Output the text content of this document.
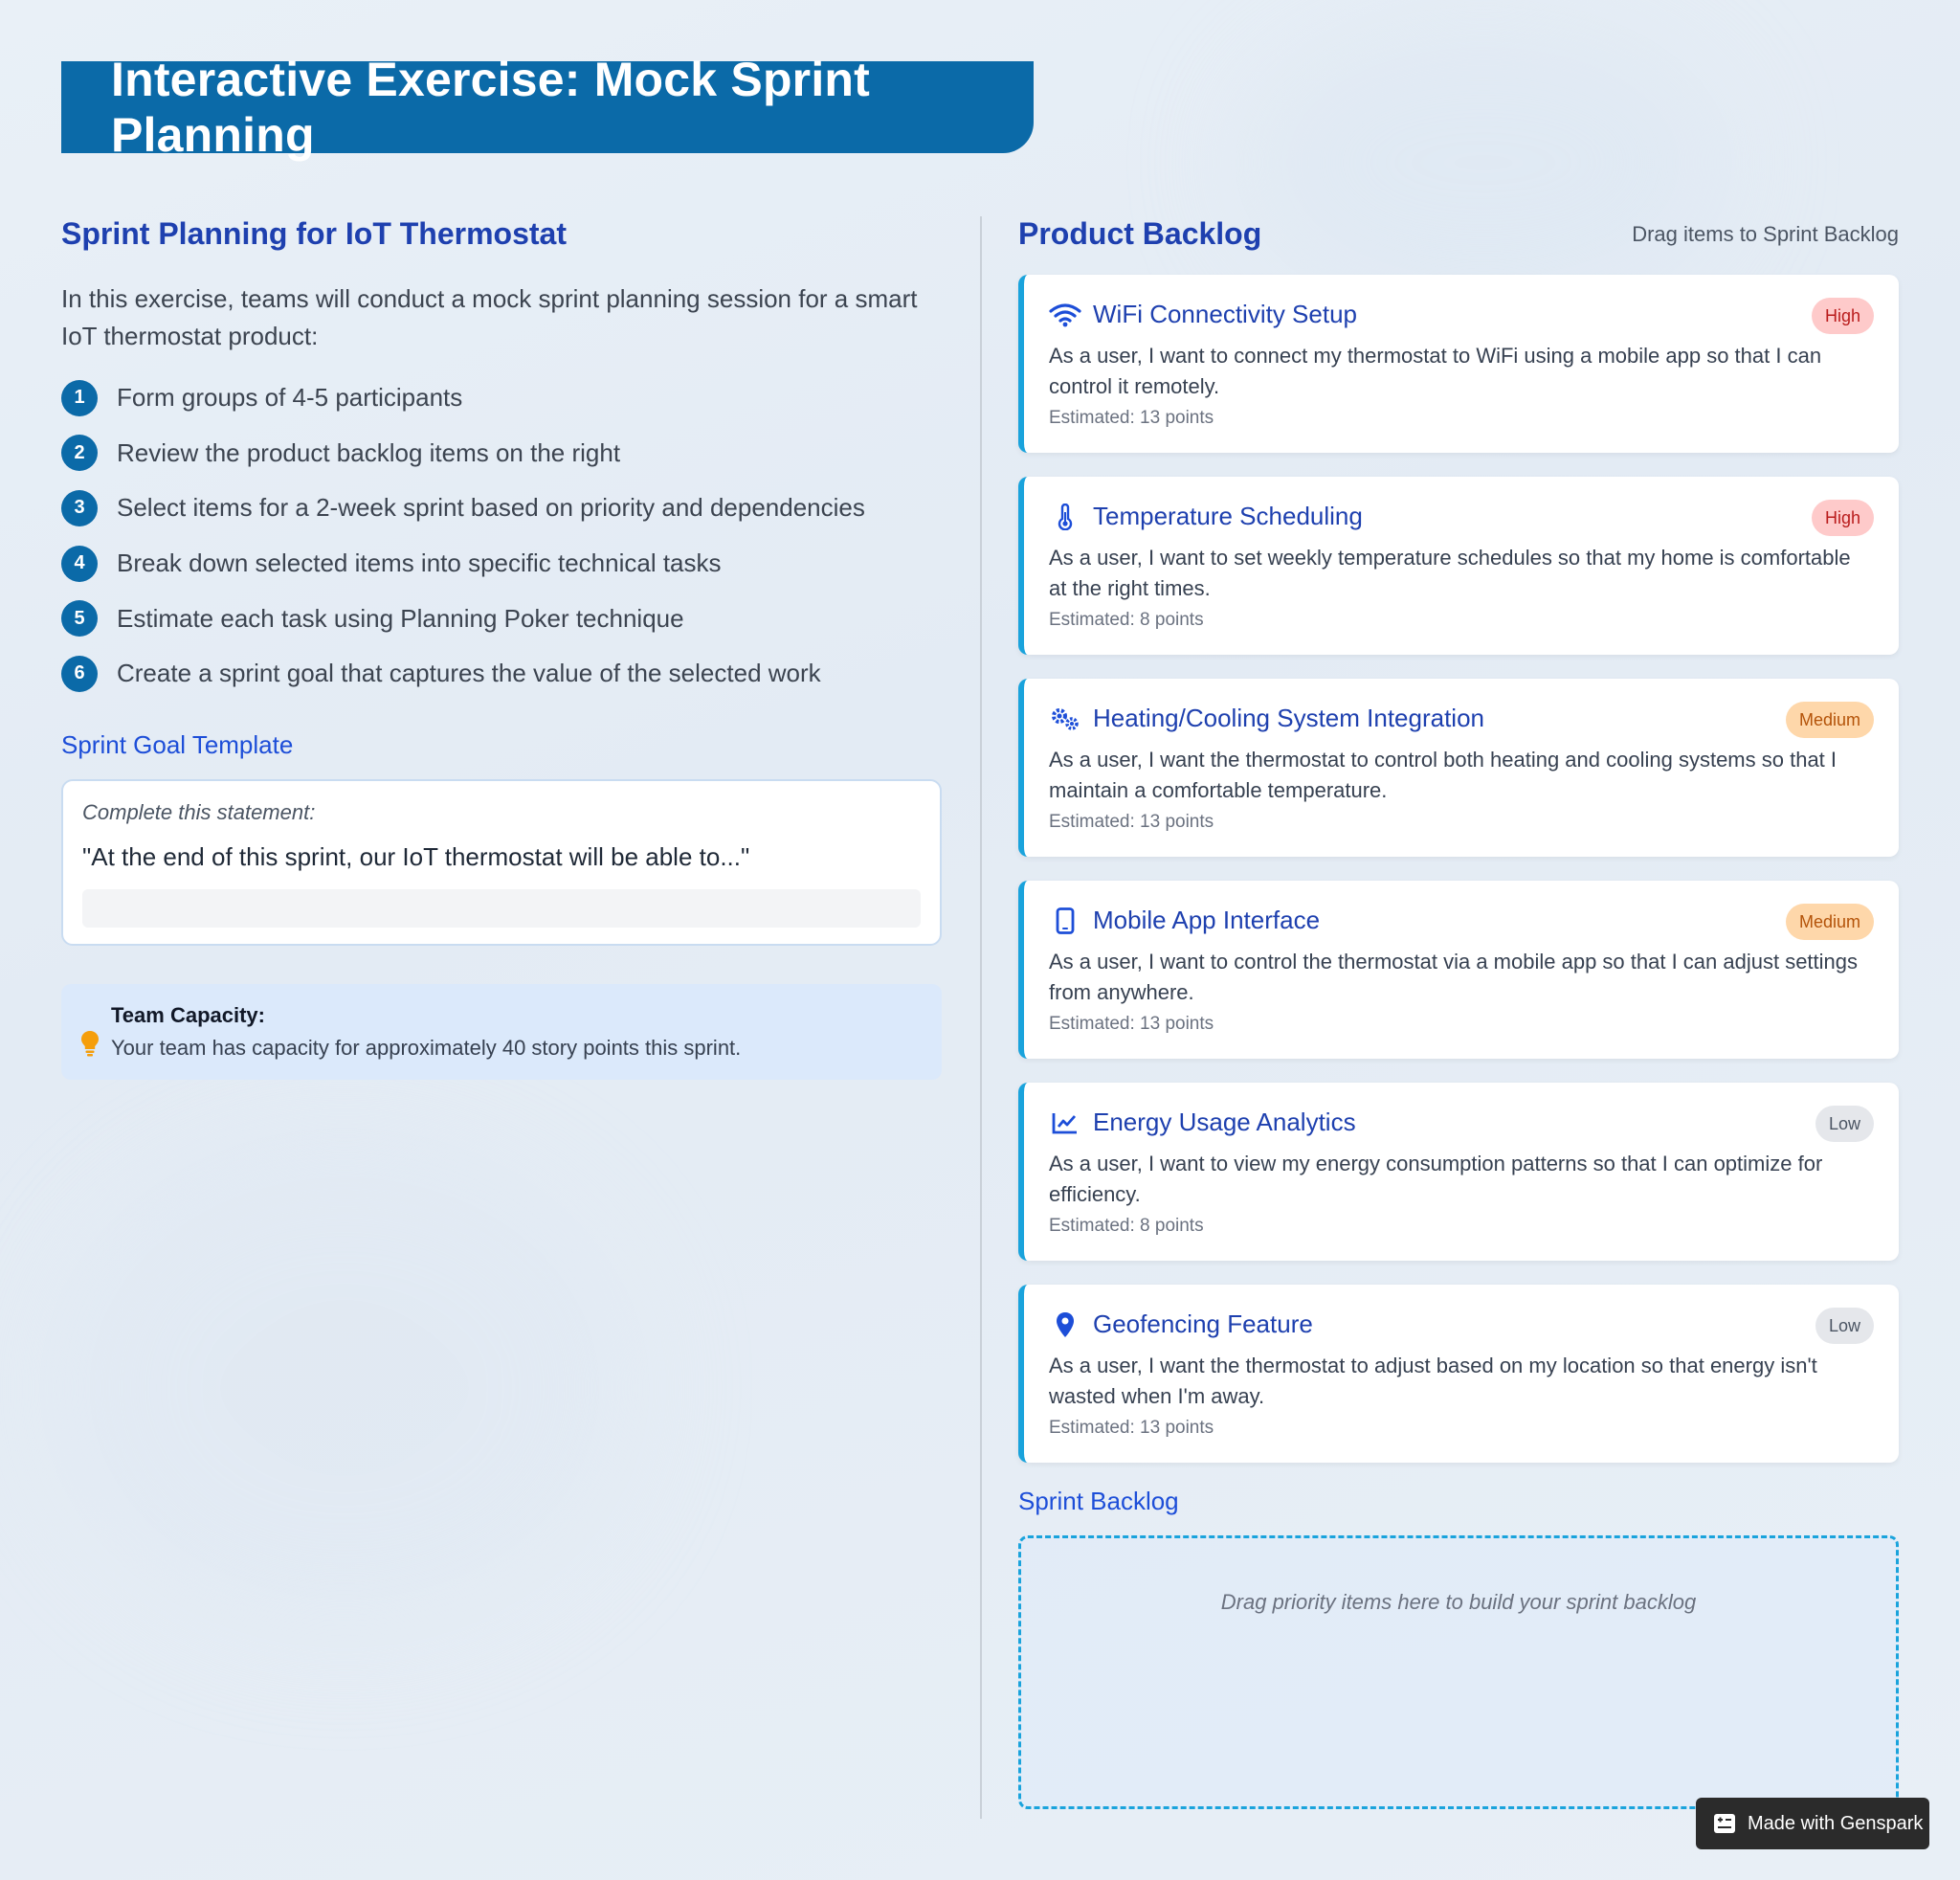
Interactive Exercise: Mock Sprint Planning
Sprint Planning for IoT Thermostat

In this exercise, teams will conduct a mock sprint planning session for a smart IoT thermostat product:

1	Form groups of 4-5 participants
2	Review the product backlog items on the right
3	Select items for a 2-week sprint based on priority and dependencies
4	Break down selected items into specific technical tasks
5	Estimate each task using Planning Poker technique
6	Create a sprint goal that captures the value of the selected work
Sprint Goal Template
Complete this statement:
"At the end of this sprint, our IoT thermostat will be able to..."
Team Capacity:
Your team has capacity for approximately 40 story points this sprint.
Product Backlog	Drag items to Sprint Backlog
WiFi Connectivity Setup	High
As a user, I want to connect my thermostat to WiFi using a mobile app so that I can control it remotely.
Estimated: 13 points
Temperature Scheduling	High
As a user, I want to set weekly temperature schedules so that my home is comfortable at the right times.
Estimated: 8 points
Heating/Cooling System Integration	Medium
As a user, I want the thermostat to control both heating and cooling systems so that I maintain a comfortable temperature.
Estimated: 13 points
Mobile App Interface	Medium
As a user, I want to control the thermostat via a mobile app so that I can adjust settings from anywhere.
Estimated: 13 points
Energy Usage Analytics	Low
As a user, I want to view my energy consumption patterns so that I can optimize for efficiency.
Estimated: 8 points
Geofencing Feature	Low
As a user, I want the thermostat to adjust based on my location so that energy isn't wasted when I'm away.
Estimated: 13 points
Sprint Backlog
Drag priority items here to build your sprint backlog
Made with Genspark
